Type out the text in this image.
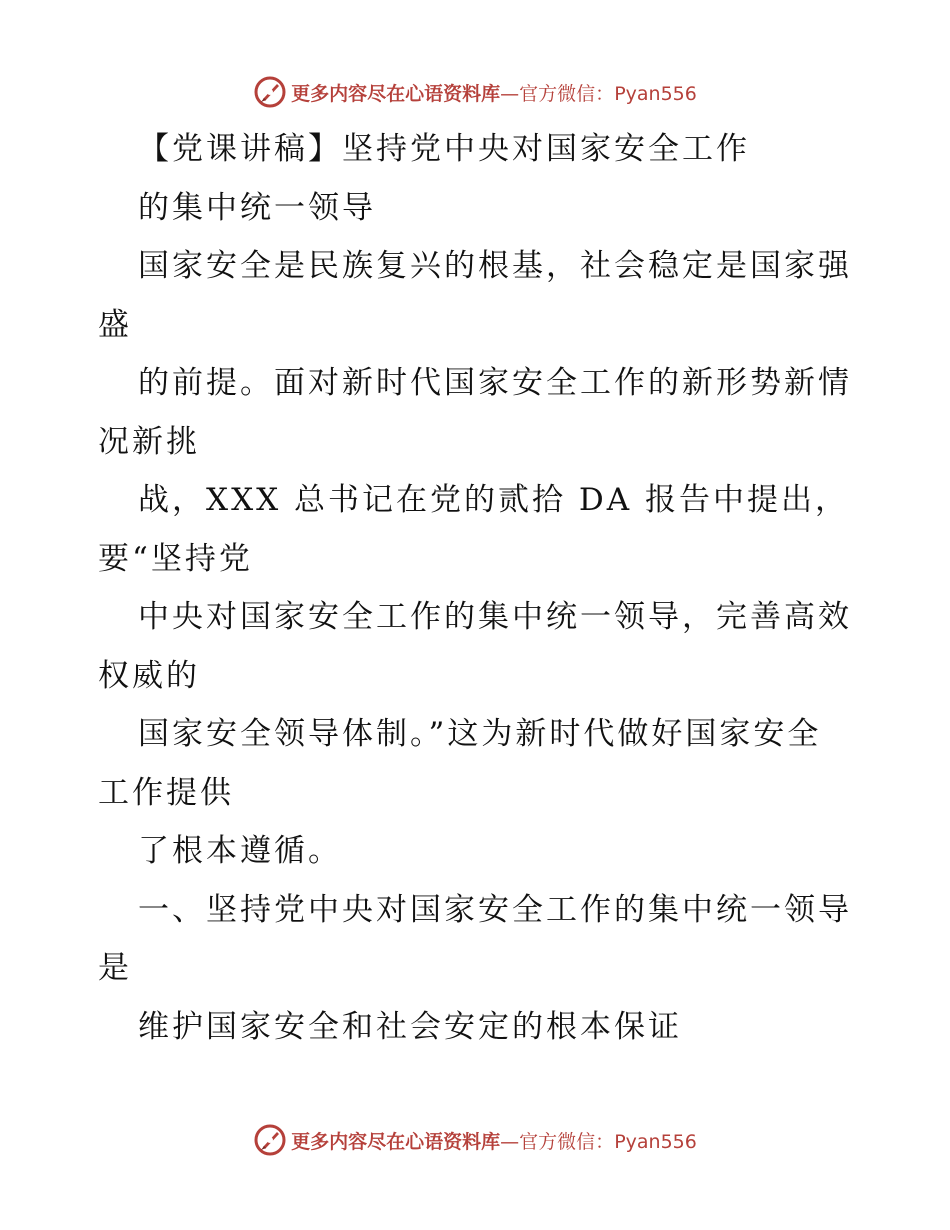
更多内容尽在心语资料库—官方微信：Pyan556
【党课讲稿】坚持党中央对国家安全工作
的集中统一领导
国家安全是民族复兴的根基，社会稳定是国家强
盛
的前提。面对新时代国家安全工作的新形势新情
况新挑
战，XXX 总书记在党的贰拾 DA 报告中提出，
要“坚持党
中央对国家安全工作的集中统一领导，完善高效
权威的
国家安全领导体制。”这为新时代做好国家安全
工作提供
了根本遵循。
一、坚持党中央对国家安全工作的集中统一领导
是
维护国家安全和社会安定的根本保证
更多内容尽在心语资料库—官方微信：Pyan556
